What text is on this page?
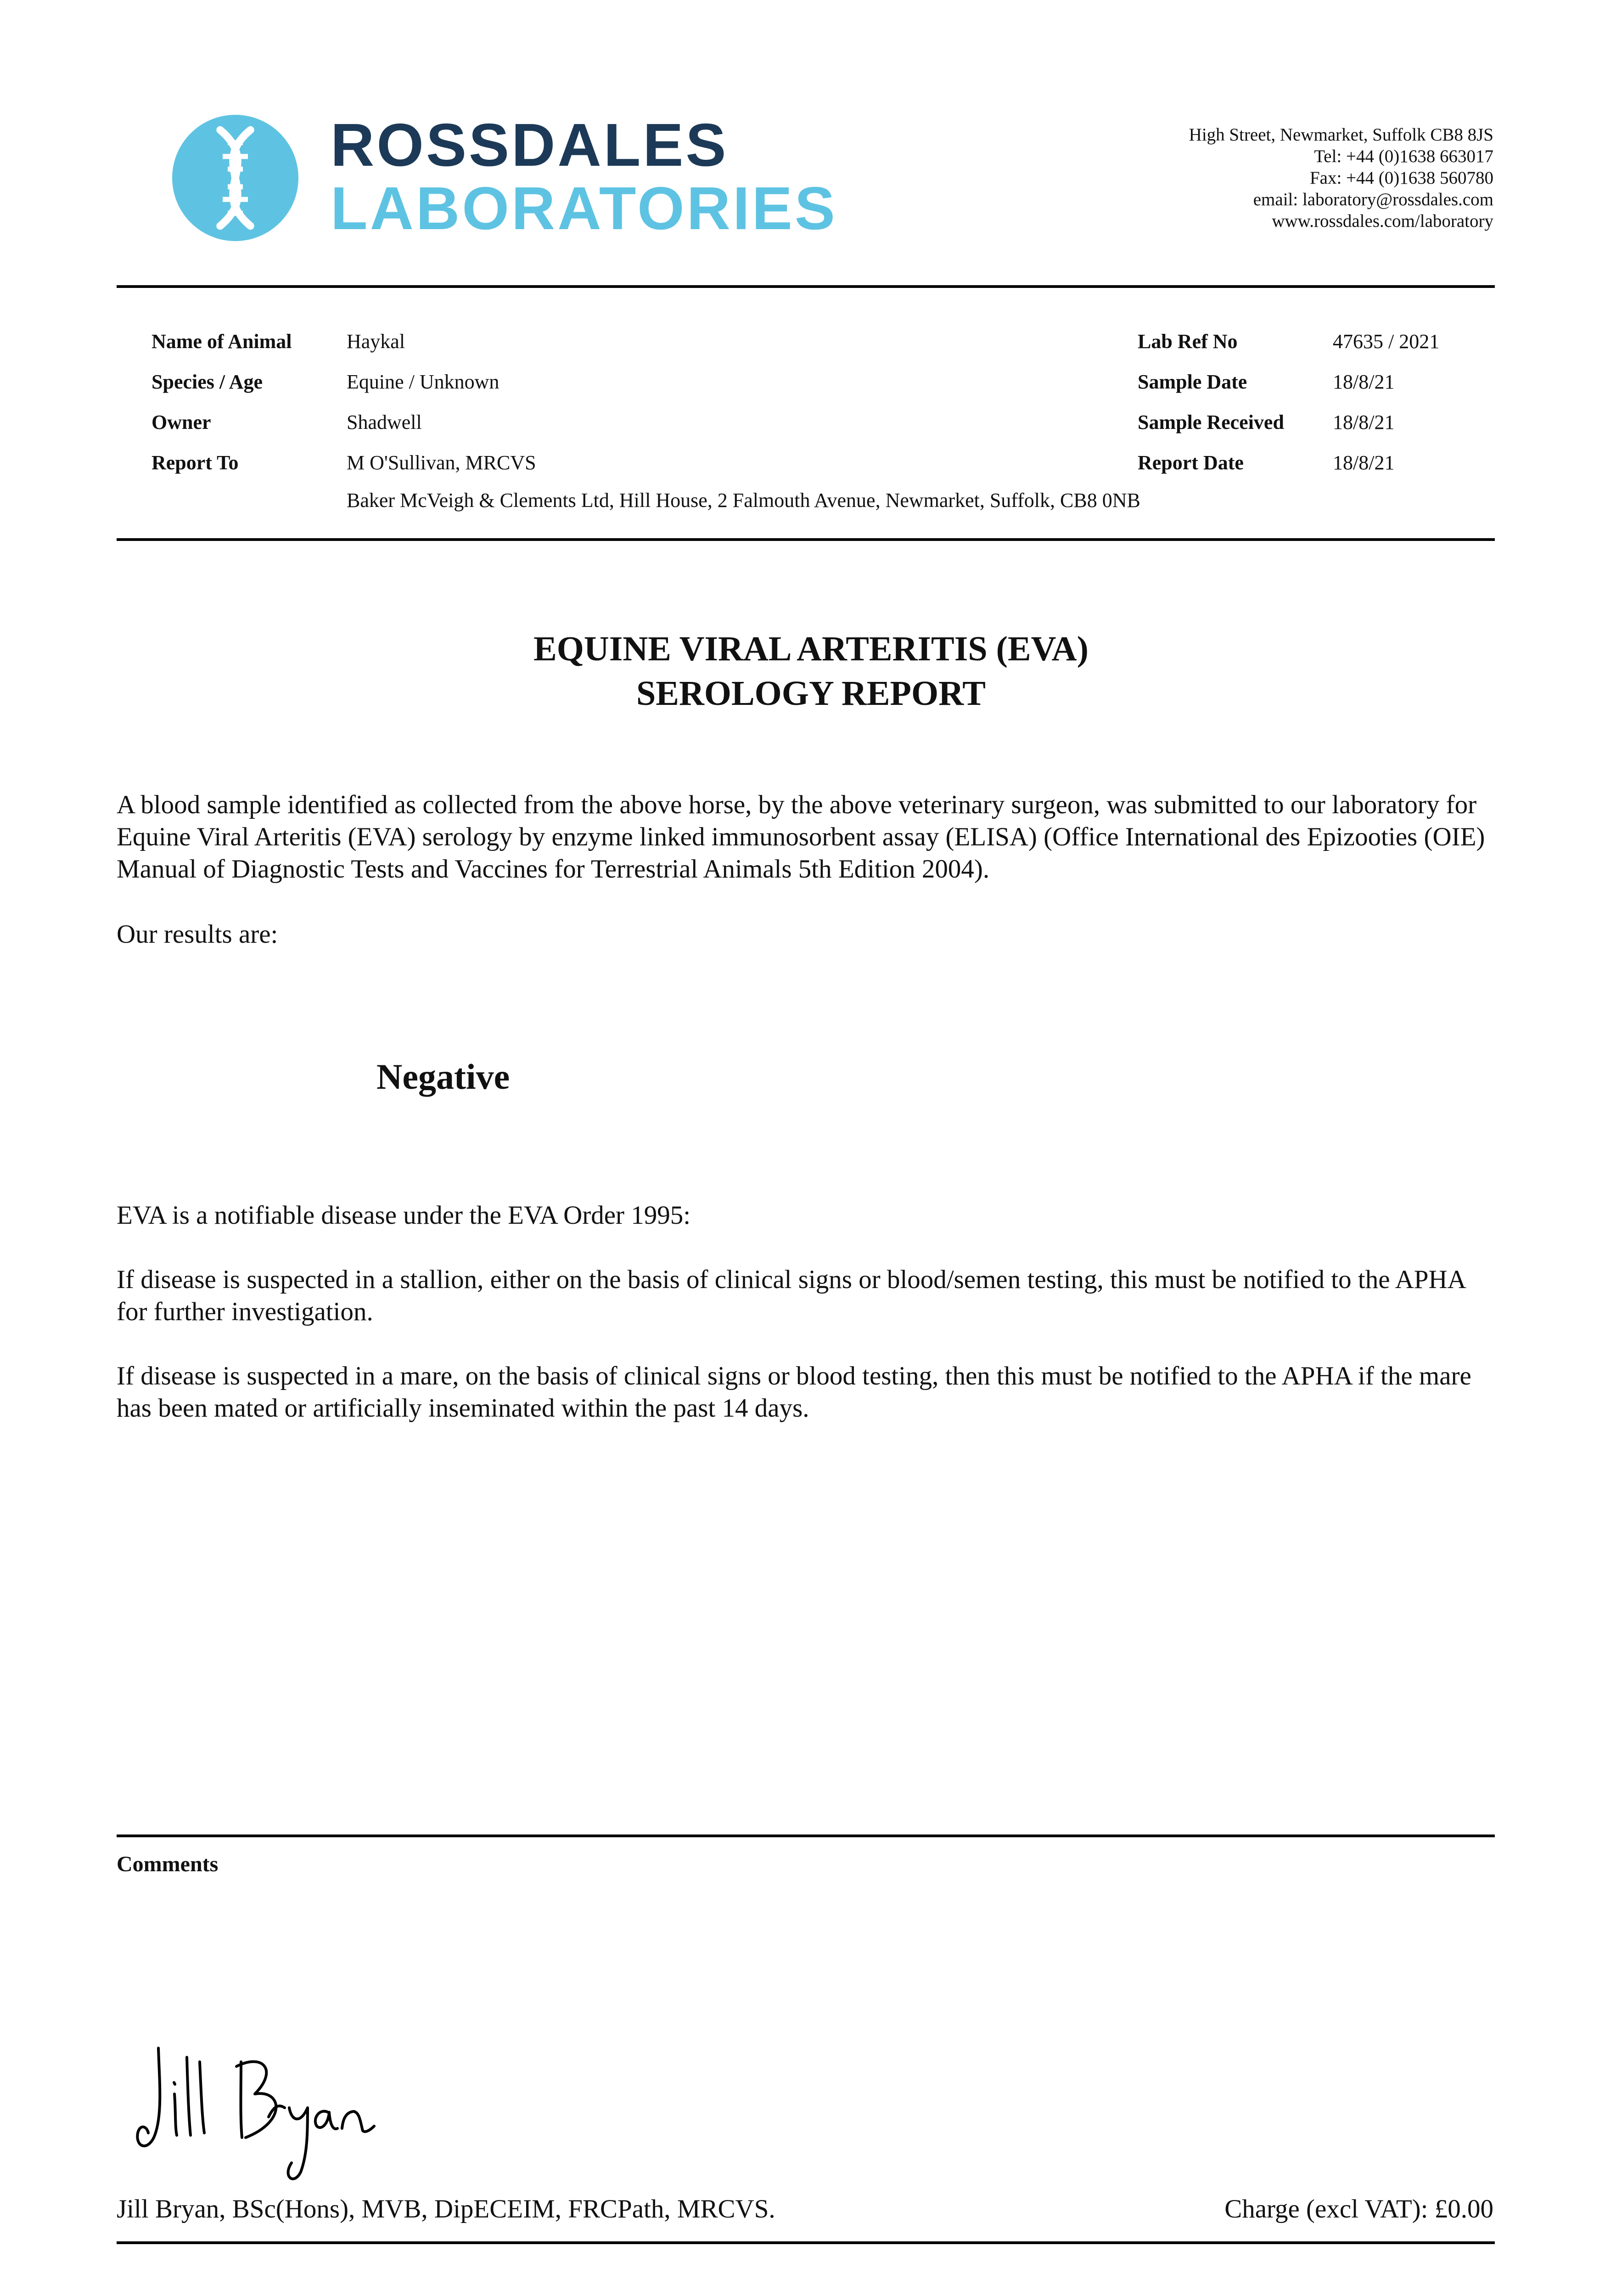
ROSSDALES
LABORATORIES
High Street, Newmarket, Suffolk CB8 8JS
Tel: +44 (0)1638 663017
Fax: +44 (0)1638 560780
email: laboratory@rossdales.com
www.rossdales.com/laboratory
Name of Animal	Haykal
Species / Age	Equine / Unknown
Owner	Shadwell
Report To	M O'Sullivan, MRCVS
Baker McVeigh & Clements Ltd, Hill House, 2 Falmouth Avenue, Newmarket, Suffolk, CB8 0NB
Lab Ref No	47635 / 2021
Sample Date	18/8/21
Sample Received 18/8/21
Report Date	18/8/21
EQUINE VIRAL ARTERITIS (EVA)
SEROLOGY REPORT
A blood sample identified as collected from the above horse, by the above veterinary surgeon, was submitted to our laboratory for Equine Viral Arteritis (EVA) serology by enzyme linked immunosorbent assay (ELISA) (Office International des Epizooties (OIE) Manual of Diagnostic Tests and Vaccines for Terrestrial Animals 5th Edition 2004).
Our results are:
Negative
EVA is a notifiable disease under the EVA Order 1995:
If disease is suspected in a stallion, either on the basis of clinical signs or blood/semen testing, this must be notified to the APHA for further investigation.
If disease is suspected in a mare, on the basis of clinical signs or blood testing, then this must be notified to the APHA if the mare has been mated or artificially inseminated within the past 14 days.
Comments
Jill Bryan, BSc(Hons), MVB, DipECEIM, FRCPath, MRCVS.	Charge (excl VAT): £0.00
